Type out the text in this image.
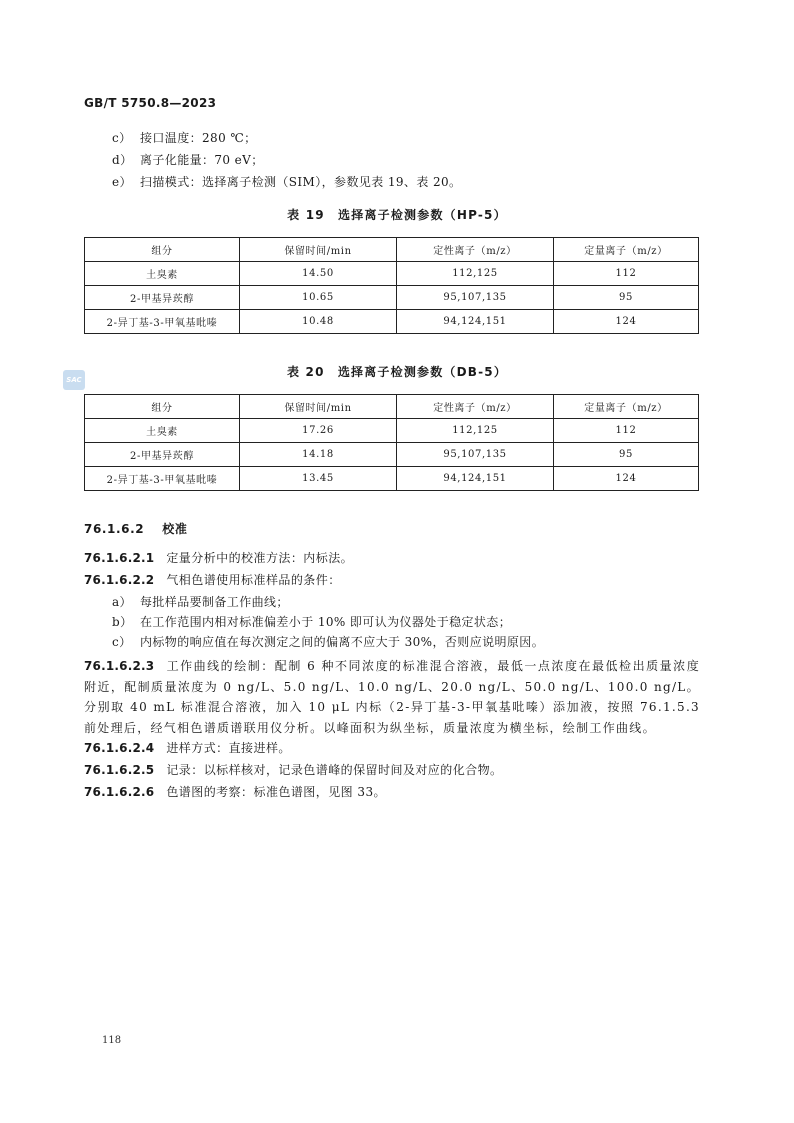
GB/T 5750.8—2023
c） 接口温度：280 ℃；
d） 离子化能量：70 eV；
e） 扫描模式：选择离子检测（SIM），参数见表 19、表 20。
表 19　选择离子检测参数（HP-5）
组分	保留时间/min	定性离子（m/z）	定量离子（m/z）
土臭素	14.50	112,125	112
2-甲基异莰醇	10.65	95,107,135	95
2-异丁基-3-甲氧基吡嗪	10.48	94,124,151	124
SAC
表 20　选择离子检测参数（DB-5）
组分	保留时间/min	定性离子（m/z）	定量离子（m/z）
土臭素	17.26	112,125	112
2-甲基异莰醇	14.18	95,107,135	95
2-异丁基-3-甲氧基吡嗪	13.45	94,124,151	124
76.1.6.2 校准
76.1.6.2.1 定量分析中的校准方法：内标法。
76.1.6.2.2 气相色谱使用标准样品的条件：
a） 每批样品要制备工作曲线；
b） 在工作范围内相对标准偏差小于 10% 即可认为仪器处于稳定状态；
c） 内标物的响应值在每次测定之间的偏离不应大于 30%，否则应说明原因。
76.1.6.2.3 工作曲线的绘制：配制 6 种不同浓度的标准混合溶液，最低一点浓度在最低检出质量浓度附近，配制质量浓度为 0 ng/L、5.0 ng/L、10.0 ng/L、20.0 ng/L、50.0 ng/L、100.0 ng/L。分别取 40 mL 标准混合溶液，加入 10 μL 内标（2-异丁基-3-甲氧基吡嗪）添加液，按照 76.1.5.3 前处理后，经气相色谱质谱联用仪分析。以峰面积为纵坐标，质量浓度为横坐标，绘制工作曲线。
76.1.6.2.4 进样方式：直接进样。
76.1.6.2.5 记录：以标样核对，记录色谱峰的保留时间及对应的化合物。
76.1.6.2.6 色谱图的考察：标准色谱图，见图 33。
118
